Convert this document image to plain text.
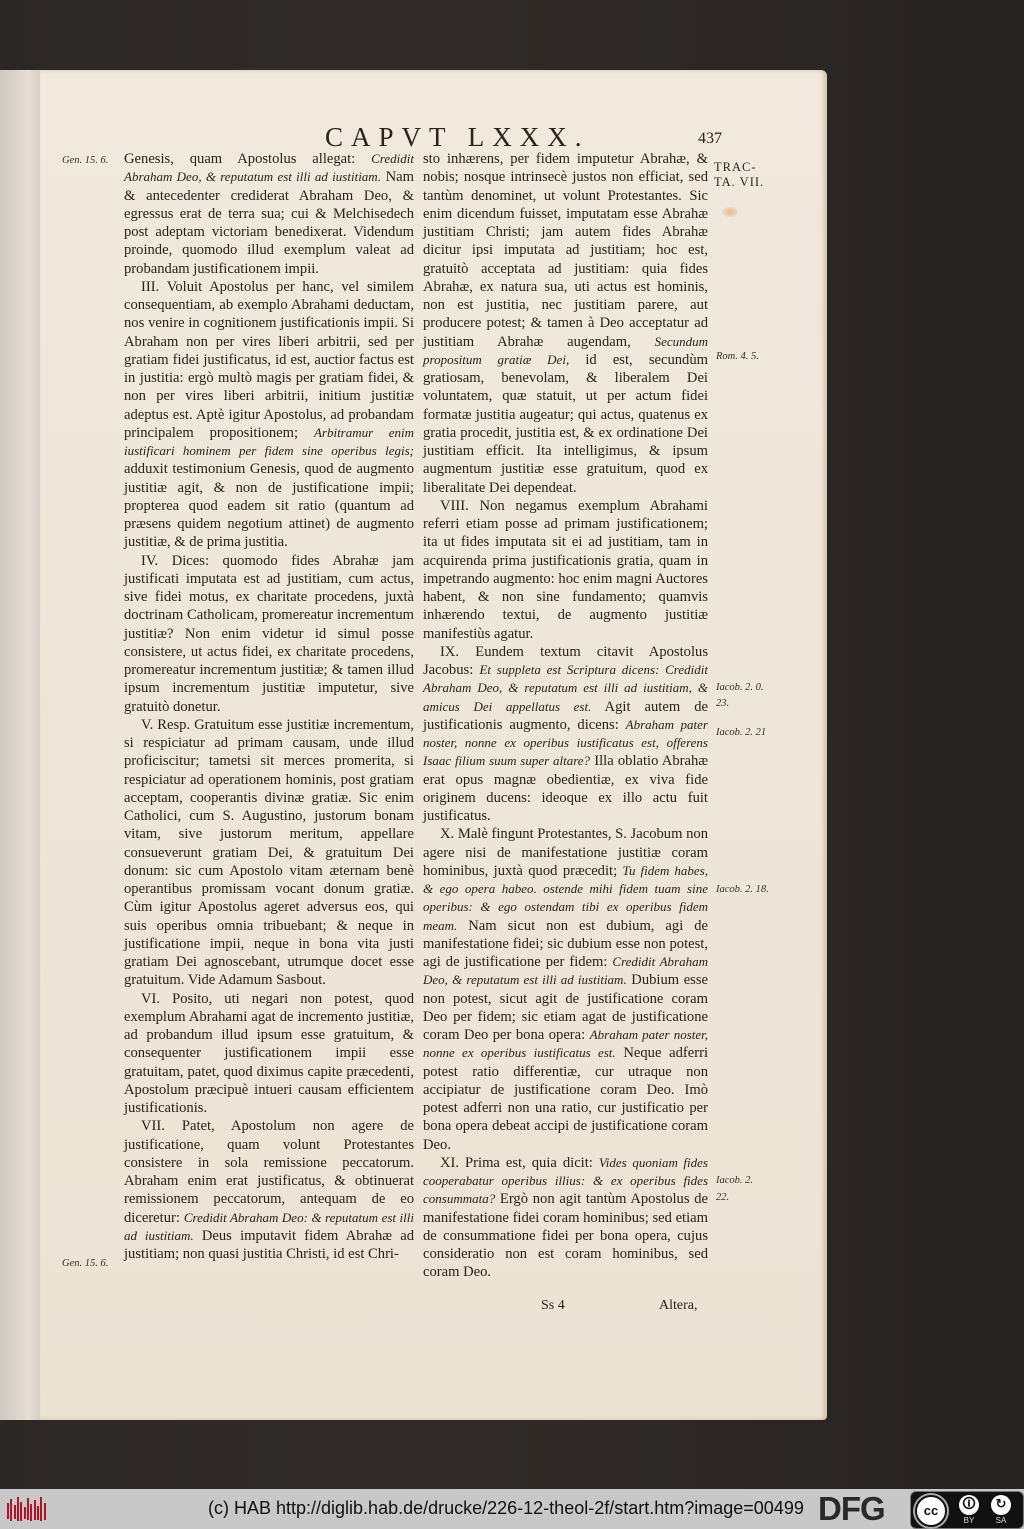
CAPVT LXXX.	437
TRAC-
TA. VII.
Gen. 15. 6.
Gen. 15. 6.
Rom. 4. 5.
Iacob. 2. 0.
23.
Iacob. 2. 21
Iacob. 2. 18.
Iacob. 2.
22.

Genesis, quam Apostolus allegat: Credidit Abraham Deo, & reputatum est illi ad iustitiam. Nam & antecedenter crediderat Abraham Deo, & egressus erat de terra sua; cui & Melchisedech post adeptam victoriam benedixerat. Videndum proinde, quomodo illud exemplum valeat ad probandam justificationem impii.

III. Voluit Apostolus per hanc, vel similem consequentiam, ab exemplo Abrahami deductam, nos venire in cognitionem justificationis impii. Si Abraham non per vires liberi arbitrii, sed per gratiam fidei justificatus, id est, auctior factus est in justitia: ergò multò magis per gratiam fidei, & non per vires liberi arbitrii, initium justitiæ adeptus est. Aptè igitur Apostolus, ad probandam principalem propositionem; Arbitramur enim iustificari hominem per fidem sine operibus legis; adduxit testimonium Genesis, quod de augmento justitiæ agit, & non de justificatione impii; propterea quod eadem sit ratio (quantum ad præsens quidem negotium attinet) de augmento justitiæ, & de prima justitia.

IV. Dices: quomodo fides Abrahæ jam justificati imputata est ad justitiam, cum actus, sive fidei motus, ex charitate procedens, juxtà doctrinam Catholicam, promereatur incrementum justitiæ? Non enim videtur id simul posse consistere, ut actus fidei, ex charitate procedens, promereatur incrementum justitiæ; & tamen illud ipsum incrementum justitiæ imputetur, sive gratuitò donetur.

V. Resp. Gratuitum esse justitiæ incrementum, si respiciatur ad primam causam, unde illud proficiscitur; tametsi sit merces promerita, si respiciatur ad operationem hominis, post gratiam acceptam, cooperantis divinæ gratiæ. Sic enim Catholici, cum S. Augustino, justorum bonam vitam, sive justorum meritum, appellare consueverunt gratiam Dei, & gratuitum Dei donum: sic cum Apostolo vitam æternam benè operantibus promissam vocant donum gratiæ. Cùm igitur Apostolus ageret adversus eos, qui suis operibus omnia tribuebant; & neque in justificatione impii, neque in bona vita justi gratiam Dei agnoscebant, utrumque docet esse gratuitum. Vide Adamum Sasbout.

VI. Posito, uti negari non potest, quod exemplum Abrahami agat de incremento justitiæ, ad probandum illud ipsum esse gratuitum, & consequenter justificationem impii esse gratuitam, patet, quod diximus capite præcedenti, Apostolum præcipuè intueri causam efficientem justificationis.

VII. Patet, Apostolum non agere de justificatione, quam volunt Protestantes consistere in sola remissione peccatorum. Abraham enim erat justificatus, & obtinuerat remissionem peccatorum, antequam de eo diceretur: Credidit Abraham Deo: & reputatum est illi ad iustitiam. Deus imputavit fidem Abrahæ ad justitiam; non quasi justitia Christi, id est Chri-

sto inhærens, per fidem imputetur Abrahæ, & nobis; nosque intrinsecè justos non efficiat, sed tantùm denominet, ut volunt Protestantes. Sic enim dicendum fuisset, imputatam esse Abrahæ justitiam Christi; jam autem fides Abrahæ dicitur ipsi imputata ad justitiam; hoc est, gratuitò acceptata ad justitiam: quia fides Abrahæ, ex natura sua, uti actus est hominis, non est justitia, nec justitiam parere, aut producere potest; & tamen à Deo acceptatur ad justitiam Abrahæ augendam, Secundum propositum gratiæ Dei, id est, secundùm gratiosam, benevolam, & liberalem Dei voluntatem, quæ statuit, ut per actum fidei formatæ justitia augeatur; qui actus, quatenus ex gratia procedit, justitia est, & ex ordinatione Dei justitiam efficit. Ita intelligimus, & ipsum augmentum justitiæ esse gratuitum, quod ex liberalitate Dei dependeat.

VIII. Non negamus exemplum Abrahami referri etiam posse ad primam justificationem; ita ut fides imputata sit ei ad justitiam, tam in acquirenda prima justificationis gratia, quam in impetrando augmento: hoc enim magni Auctores habent, & non sine fundamento; quamvis inhærendo textui, de augmento justitiæ manifestiùs agatur.

IX. Eundem textum citavit Apostolus Jacobus: Et suppleta est Scriptura dicens: Credidit Abraham Deo, & reputatum est illi ad iustitiam, & amicus Dei appellatus est. Agit autem de justificationis augmento, dicens: Abraham pater noster, nonne ex operibus iustificatus est, offerens Isaac filium suum super altare? Illa oblatio Abrahæ erat opus magnæ obedientiæ, ex viva fide originem ducens: ideoque ex illo actu fuit justificatus.

X. Malè fingunt Protestantes, S. Jacobum non agere nisi de manifestatione justitiæ coram hominibus, juxtà quod præcedit; Tu fidem habes, & ego opera habeo. ostende mihi fidem tuam sine operibus: & ego ostendam tibi ex operibus fidem meam. Nam sicut non est dubium, agi de manifestatione fidei; sic dubium esse non potest, agi de justificatione per fidem: Credidit Abraham Deo, & reputatum est illi ad iustitiam. Dubium esse non potest, sicut agit de justificatione coram Deo per fidem; sic etiam agat de justificatione coram Deo per bona opera: Abraham pater noster, nonne ex operibus iustificatus est. Neque adferri potest ratio differentiæ, cur utraque non accipiatur de justificatione coram Deo. Imò potest adferri non una ratio, cur justificatio per bona opera debeat accipi de justificatione coram Deo.

XI. Prima est, quia dicit: Vides quoniam fides cooperabatur operibus illius: & ex operibus fides consummata? Ergò non agit tantùm Apostolus de manifestatione fidei coram hominibus; sed etiam de consummatione fidei per bona opera, cujus consideratio non est coram hominibus, sed coram Deo.

Ss 4	Altera,
(c) HAB http://diglib.hab.de/drucke/226-12-theol-2f/start.htm?image=00499 DFG	cc	🛈
BY
↻
SA
